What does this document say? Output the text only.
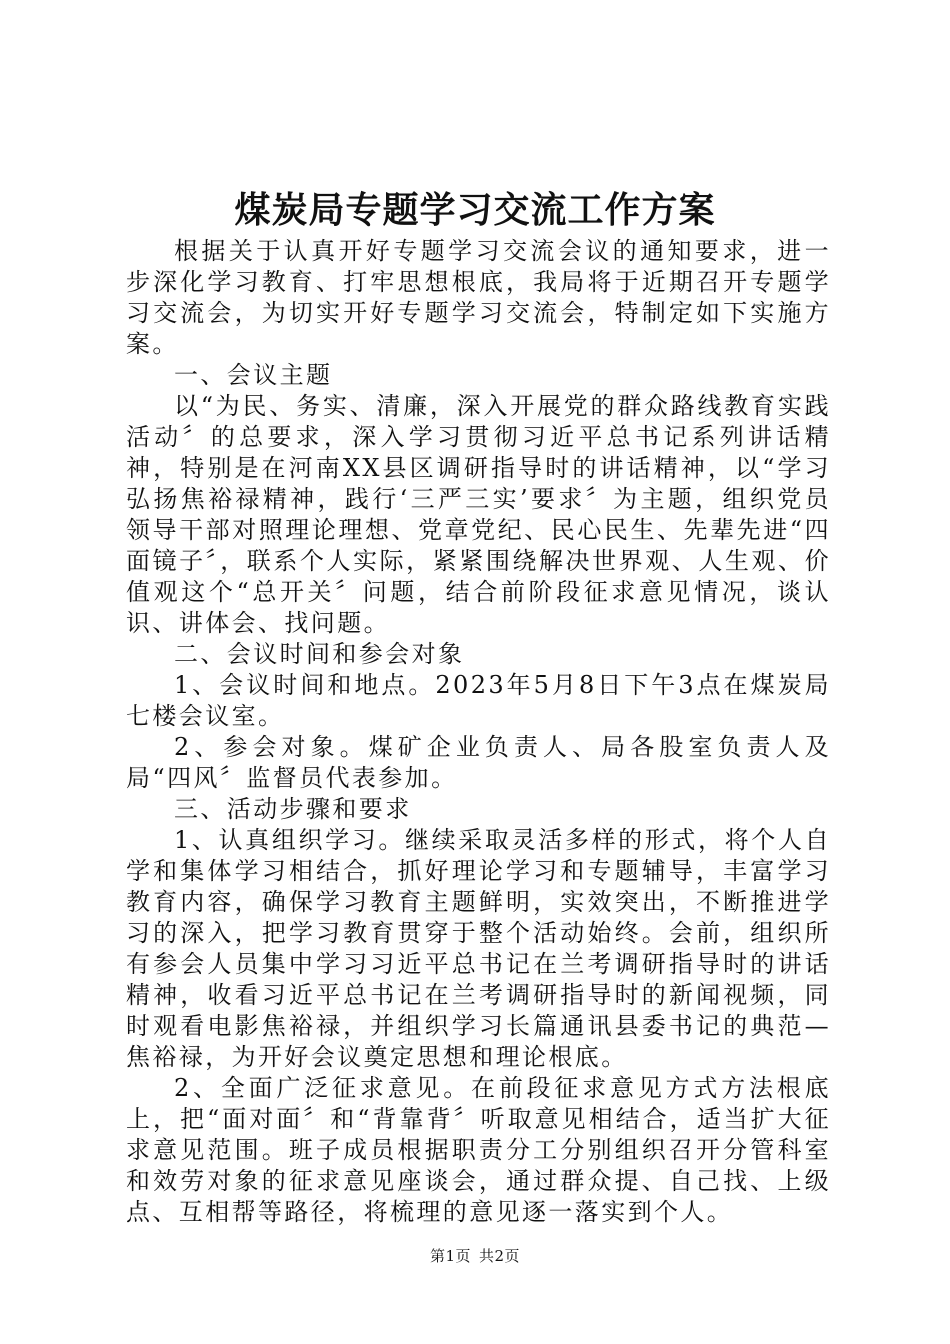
煤炭局专题学习交流工作方案

根据关于认真开好专题学习交流会议的通知要求，进一步深化学习教育、打牢思想根底，我局将于近期召开专题学习交流会，为切实开好专题学习交流会，特制定如下实施方案。

一、会议主题

以“为民、务实、清廉，深入开展党的群众路线教育实践活动〞的总要求，深入学习贯彻习近平总书记系列讲话精神，特别是在河南XX县区调研指导时的讲话精神，以“学习弘扬焦裕禄精神，践行‘三严三实’要求〞为主题，组织党员领导干部对照理论理想、党章党纪、民心民生、先辈先进“四面镜子〞，联系个人实际，紧紧围绕解决世界观、人生观、价值观这个“总开关〞问题，结合前阶段征求意见情况，谈认识、讲体会、找问题。

二、会议时间和参会对象

1、会议时间和地点。2023年5月8日下午3点在煤炭局七楼会议室。

2、参会对象。煤矿企业负责人、局各股室负责人及局“四风〞监督员代表参加。

三、活动步骤和要求

1、认真组织学习。继续采取灵活多样的形式，将个人自学和集体学习相结合，抓好理论学习和专题辅导，丰富学习教育内容，确保学习教育主题鲜明，实效突出，不断推进学习的深入，把学习教育贯穿于整个活动始终。会前，组织所有参会人员集中学习习近平总书记在兰考调研指导时的讲话精神，收看习近平总书记在兰考调研指导时的新闻视频，同时观看电影焦裕禄，并组织学习长篇通讯县委书记的典范—焦裕禄，为开好会议奠定思想和理论根底。

2、全面广泛征求意见。在前段征求意见方式方法根底上，把“面对面〞和“背靠背〞听取意见相结合，适当扩大征求意见范围。班子成员根据职责分工分别组织召开分管科室和效劳对象的征求意见座谈会，通过群众提、自己找、上级点、互相帮等路径，将梳理的意见逐一落实到个人。

第1页 共2页
